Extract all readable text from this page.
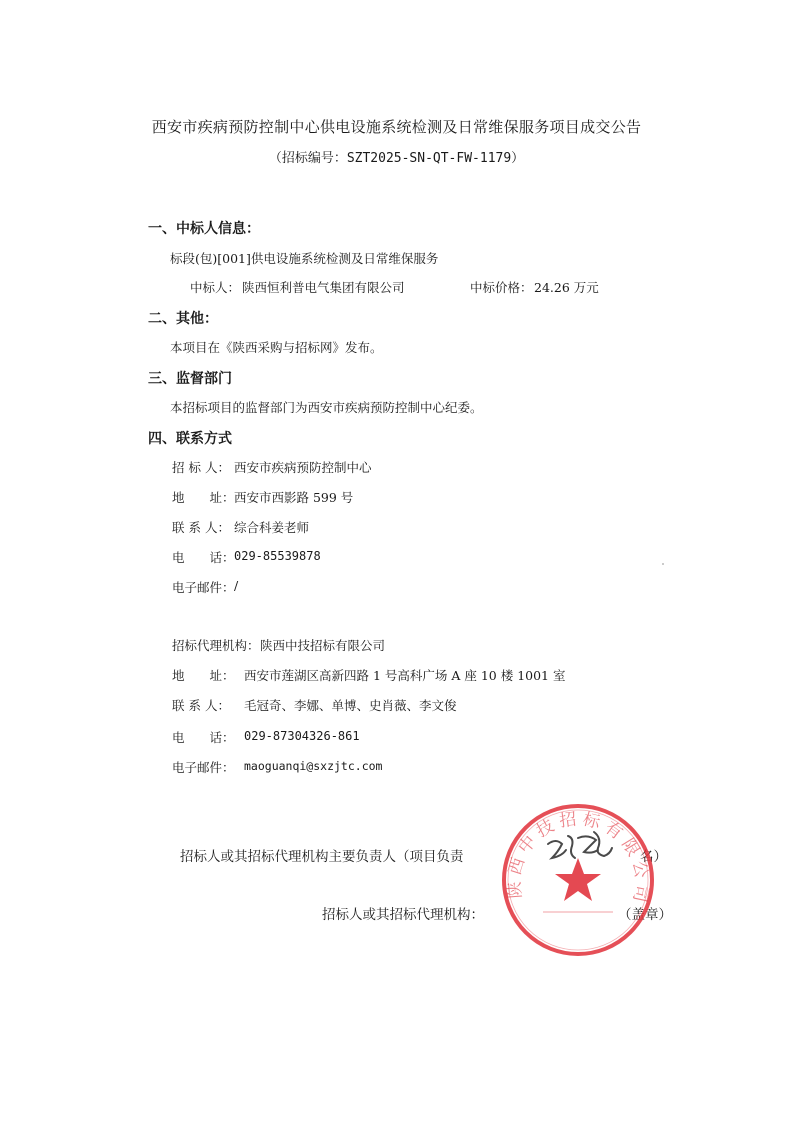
西安市疾病预防控制中心供电设施系统检测及日常维保服务项目成交公告
（招标编号：SZT2025-SN-QT-FW-1179）
一、中标人信息：
标段(包)[001]供电设施系统检测及日常维保服务
中标人： 陕西恒利普电气集团有限公司	中标价格： 24.26 万元
二、其他：
本项目在《陕西采购与招标网》发布。
三、监督部门
本招标项目的监督部门为西安市疾病预防控制中心纪委。
四、联系方式
招 标 人： 西安市疾病预防控制中心
地　　址： 西安市西影路 599 号
联 系 人： 综合科姜老师
电　　话： 029-85539878
电子邮件： /
招标代理机构： 陕西中技招标有限公司
地　　址： 西安市莲湖区高新四路 1 号高科广场 A 座 10 楼 1001 室
联 系 人： 毛冠奇、李娜、单博、史肖薇、李文俊
电　　话： 029-87304326-861
电子邮件： maoguanqi@sxzjtc.com
招标人或其招标代理机构主要负责人（项目负责	名）
招标人或其招标代理机构：	（盖章）
陕西中技招标有限公司
